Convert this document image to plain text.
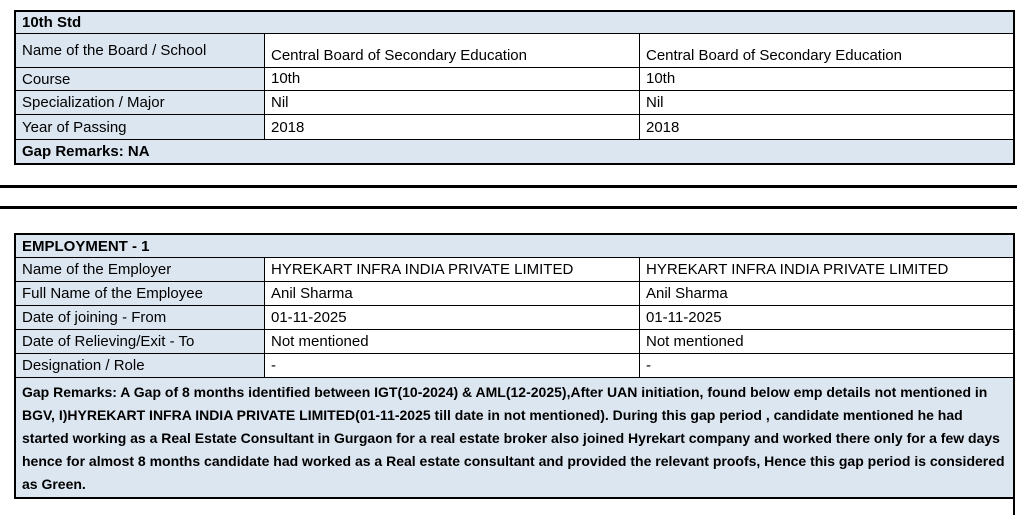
10th Std
Name of the Board / School	Central Board of Secondary Education	Central Board of Secondary Education
Course	10th	10th
Specialization / Major	Nil	Nil
Year of Passing	2018	2018
Gap Remarks: NA
EMPLOYMENT - 1
Name of the Employer	HYREKART INFRA INDIA PRIVATE LIMITED	HYREKART INFRA INDIA PRIVATE LIMITED
Full Name of the Employee	Anil Sharma	Anil Sharma
Date of joining - From	01-11-2025	01-11-2025
Date of Relieving/Exit - To	Not mentioned	Not mentioned
Designation / Role	-	-
Gap Remarks: A Gap of 8 months identified between IGT(10-2024) & AML(12-2025),After UAN initiation, found below emp details not mentioned in BGV, I)HYREKART INFRA INDIA PRIVATE LIMITED(01-11-2025 till date in not mentioned). During this gap period , candidate mentioned he had started working as a Real Estate Consultant in Gurgaon for a real estate broker also joined Hyrekart company and worked there only for a few days hence for almost 8 months candidate had worked as a Real estate consultant and provided the relevant proofs, Hence this gap period is considered as Green.
